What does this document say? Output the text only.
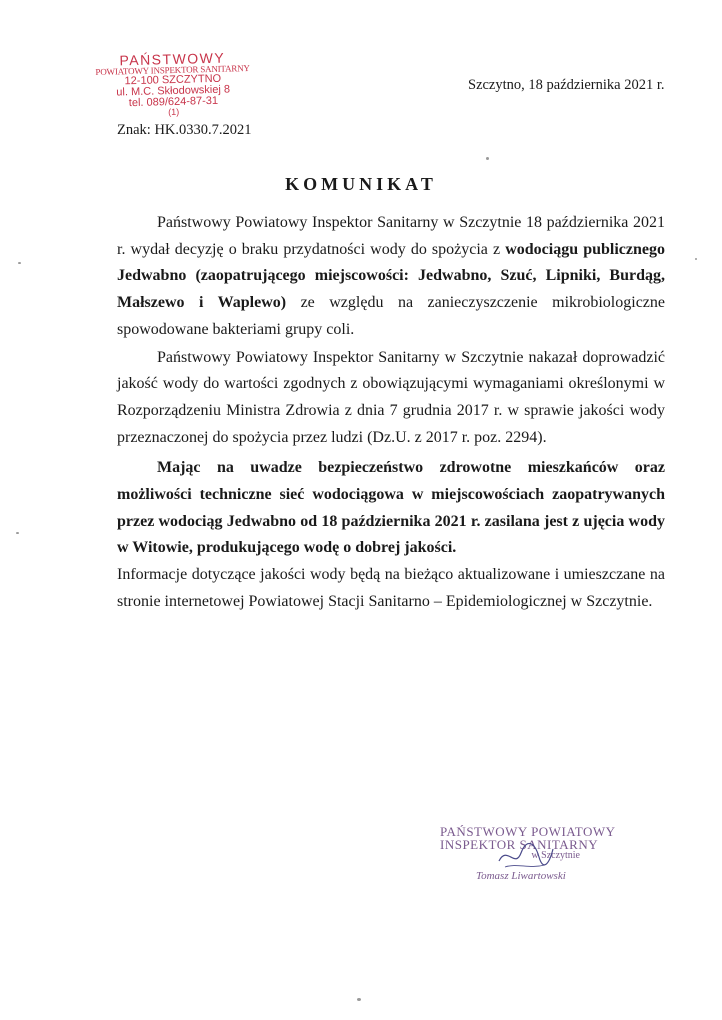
PAŃSTWOWY
POWIATOWY INSPEKTOR SANITARNY
12-100 SZCZYTNO
ul. M.C. Skłodowskiej 8
tel. 089/624-87-31
(1)
Szczytno, 18 października 2021 r.
Znak: HK.0330.7.2021
KOMUNIKAT

Państwowy Powiatowy Inspektor Sanitarny w Szczytnie 18 października 2021 r. wydał decyzję o braku przydatności wody do spożycia z wodociągu publicznego Jedwabno (zaopatrującego miejscowości: Jedwabno, Szuć, Lipniki, Burdąg, Małszewo i Waplewo) ze względu na zanieczyszczenie mikrobiologiczne spowodowane bakteriami grupy coli.

Państwowy Powiatowy Inspektor Sanitarny w Szczytnie nakazał doprowadzić jakość wody do wartości zgodnych z obowiązującymi wymaganiami określonymi w Rozporządzeniu Ministra Zdrowia z dnia 7 grudnia 2017 r. w sprawie jakości wody przeznaczonej do spożycia przez ludzi (Dz.U. z 2017 r. poz. 2294).

Mając na uwadze bezpieczeństwo zdrowotne mieszkańców oraz możliwości techniczne sieć wodociągowa w miejscowościach zaopatrywanych przez wodociąg Jedwabno od 18 października 2021 r. zasilana jest z ujęcia wody w Witowie, produkującego wodę o dobrej jakości.

Informacje dotyczące jakości wody będą na bieżąco aktualizowane i umieszczane na stronie internetowej Powiatowej Stacji Sanitarno – Epidemiologicznej w Szczytnie.

PAŃSTWOWY POWIATOWY
INSPEKTOR SANITARNY
w Szczytnie
Tomasz Liwartowski
